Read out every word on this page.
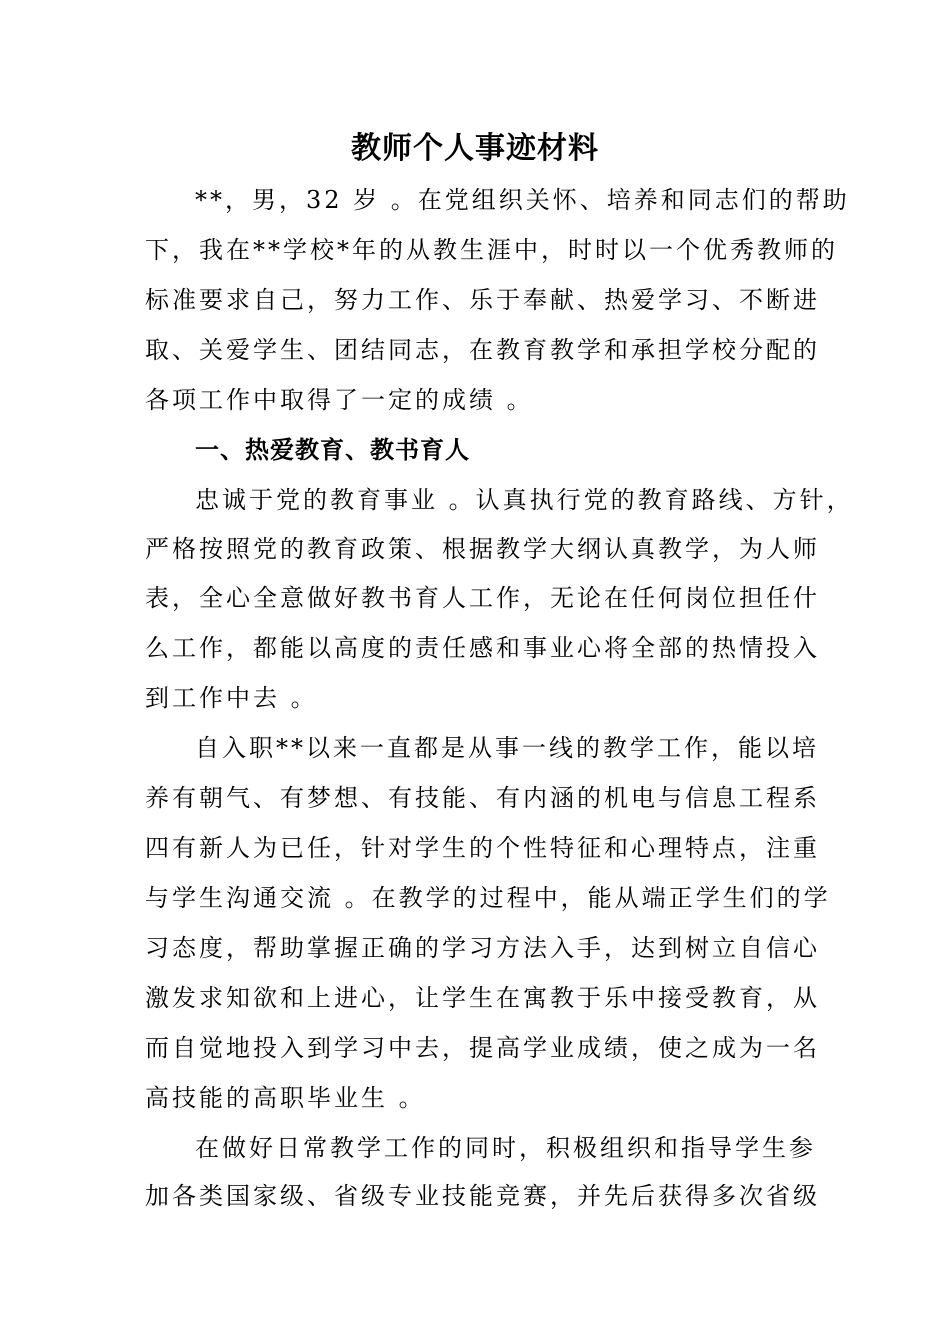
教师个人事迹材料
**，男，32 岁 。在党组织关怀、培养和同志们的帮助
下，我在**学校*年的从教生涯中，时时以一个优秀教师的
标准要求自己，努力工作、乐于奉献、热爱学习、不断进
取、关爱学生、团结同志，在教育教学和承担学校分配的
各项工作中取得了一定的成绩 。
一、热爱教育、教书育人
忠诚于党的教育事业 。认真执行党的教育路线、方针，
严格按照党的教育政策、根据教学大纲认真教学，为人师
表，全心全意做好教书育人工作，无论在任何岗位担任什
么工作，都能以高度的责任感和事业心将全部的热情投入
到工作中去 。
自入职**以来一直都是从事一线的教学工作，能以培
养有朝气、有梦想、有技能、有内涵的机电与信息工程系
四有新人为已任，针对学生的个性特征和心理特点，注重
与学生沟通交流 。在教学的过程中，能从端正学生们的学
习态度，帮助掌握正确的学习方法入手，达到树立自信心
激发求知欲和上进心，让学生在寓教于乐中接受教育，从
而自觉地投入到学习中去，提高学业成绩，使之成为一名
高技能的高职毕业生 。
在做好日常教学工作的同时，积极组织和指导学生参
加各类国家级、省级专业技能竞赛，并先后获得多次省级
